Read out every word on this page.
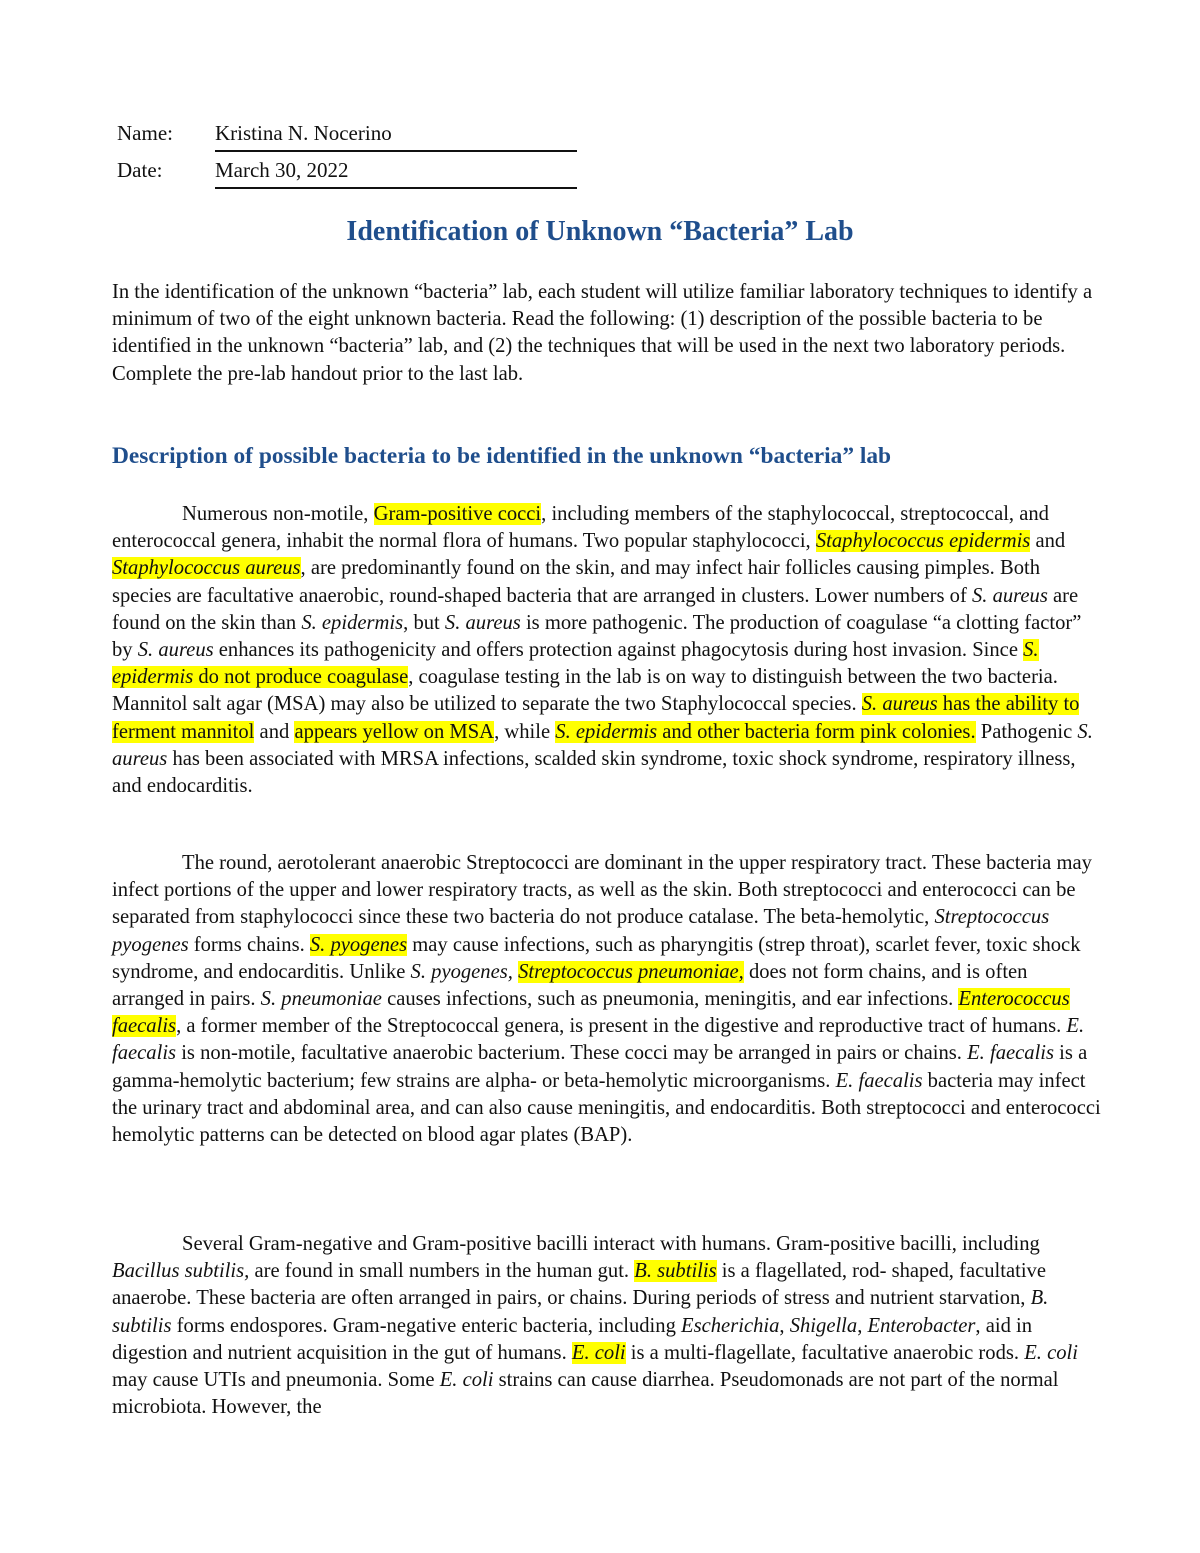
Name: Kristina N. Nocerino
Date:	March 30, 2022
Identification of Unknown “Bacteria” Lab

In the identification of the unknown “bacteria” lab, each student will utilize familiar laboratory techniques to identify a minimum of two of the eight unknown bacteria. Read the following: (1) description of the possible bacteria to be identified in the unknown “bacteria” lab, and (2) the techniques that will be used in the next two laboratory periods. Complete the pre-lab handout prior to the last lab.

Description of possible bacteria to be identified in the unknown “bacteria” lab

Numerous non-motile, Gram-positive cocci, including members of the staphylococcal, streptococcal, and enterococcal genera, inhabit the normal flora of humans. Two popular staphylococci, Staphylococcus epidermis and Staphylococcus aureus, are predominantly found on the skin, and may infect hair follicles causing pimples. Both species are facultative anaerobic, round-shaped bacteria that are arranged in clusters. Lower numbers of S. aureus are found on the skin than S. epidermis, but S. aureus is more pathogenic. The production of coagulase “a clotting factor” by S. aureus enhances its pathogenicity and offers protection against phagocytosis during host invasion. Since S. epidermis do not produce coagulase, coagulase testing in the lab is on way to distinguish between the two bacteria. Mannitol salt agar (MSA) may also be utilized to separate the two Staphylococcal species. S. aureus has the ability to ferment mannitol and appears yellow on MSA, while S. epidermis and other bacteria form pink colonies. Pathogenic S. aureus has been associated with MRSA infections, scalded skin syndrome, toxic shock syndrome, respiratory illness, and endocarditis.

The round, aerotolerant anaerobic Streptococci are dominant in the upper respiratory tract. These bacteria may infect portions of the upper and lower respiratory tracts, as well as the skin. Both streptococci and enterococci can be separated from staphylococci since these two bacteria do not produce catalase. The beta-hemolytic, Streptococcus pyogenes forms chains. S. pyogenes may cause infections, such as pharyngitis (strep throat), scarlet fever, toxic shock syndrome, and endocarditis. Unlike S. pyogenes, Streptococcus pneumoniae, does not form chains, and is often arranged in pairs. S. pneumoniae causes infections, such as pneumonia, meningitis, and ear infections. Enterococcus faecalis, a former member of the Streptococcal genera, is present in the digestive and reproductive tract of humans. E. faecalis is non-motile, facultative anaerobic bacterium. These cocci may be arranged in pairs or chains. E. faecalis is a gamma-hemolytic bacterium; few strains are alpha- or beta-hemolytic microorganisms. E. faecalis bacteria may infect the urinary tract and abdominal area, and can also cause meningitis, and endocarditis. Both streptococci and enterococci hemolytic patterns can be detected on blood agar plates (BAP).

Several Gram-negative and Gram-positive bacilli interact with humans. Gram-positive bacilli, including Bacillus subtilis, are found in small numbers in the human gut. B. subtilis is a flagellated, rod- shaped, facultative anaerobe. These bacteria are often arranged in pairs, or chains. During periods of stress and nutrient starvation, B. subtilis forms endospores. Gram-negative enteric bacteria, including Escherichia, Shigella, Enterobacter, aid in digestion and nutrient acquisition in the gut of humans. E. coli is a multi-flagellate, facultative anaerobic rods. E. coli may cause UTIs and pneumonia. Some E. coli strains can cause diarrhea. Pseudomonads are not part of the normal microbiota. However, the
